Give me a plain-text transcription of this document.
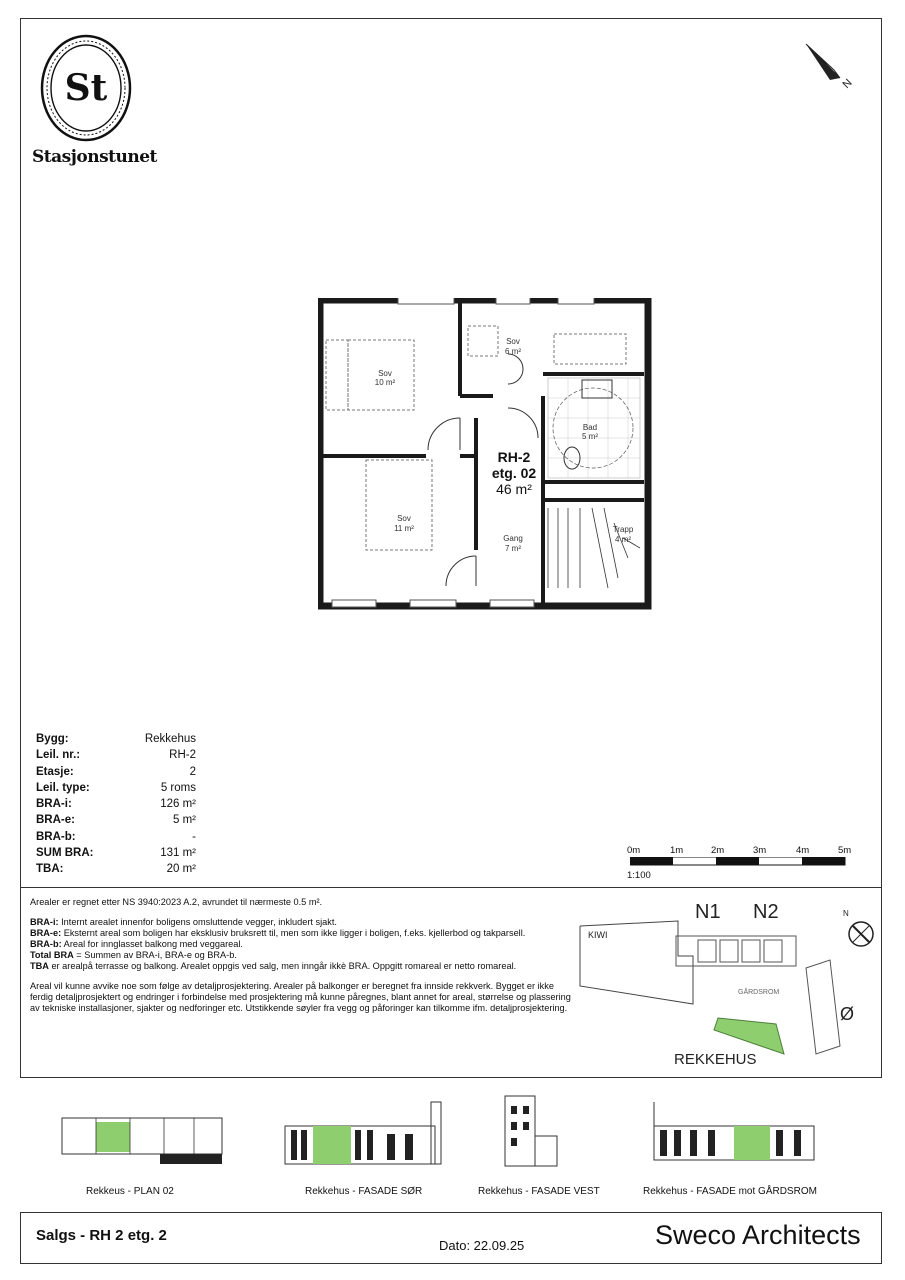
St
Stasjonstunet
N
Sov
10 m²
Sov
6 m²
Bad
5 m²
Sov
11 m²
Gang
7 m²
Trapp
4 m²
RH-2
etg. 02
46 m²
Bygg:	Rekkehus
Leil. nr.:	RH-2
Etasje:	2
Leil. type:	5 roms
BRA-i:	126 m²
BRA-e:	5 m²
BRA-b:	-
SUM BRA:	131 m²
TBA:	20 m²
0m	1m	2m	3m	4m	5m
1:100

Arealer er regnet etter NS 3940:2023 A.2, avrundet til nærmeste 0.5 m².

BRA-i: Internt arealet innenfor boligens omsluttende vegger, inkludert sjakt.

BRA-e: Eksternt areal som boligen har eksklusiv bruksrett til, men som ikke ligger i boligen, f.eks. kjellerbod og takparsell.

BRA-b: Areal for innglasset balkong med veggareal.

Total BRA = Summen av BRA-i, BRA-e og BRA-b.

TBA er arealpå terrasse og balkong. Arealet oppgis ved salg, men inngår ikkè BRA. Oppgitt romareal er netto romareal.

Areal vil kunne avvike noe som følge av detaljprosjektering. Arealer på balkonger er beregnet fra innside rekkverk. Bygget er ikke ferdig detaljprosjektert og endringer i forbindelse med prosjektering må kunne påregnes, blant annet for areal, størrelse og plassering av tekniske installasjoner, sjakter og nedforinger etc. Utstikkende søyler fra vegg og påforinger kan tilkomme ifm. detaljprosjektering.

N1 N2	N
KIWI
GÅRDSROM
Ø
REKKEHUS
Rekkeus - PLAN 02	Rekkehus - FASADE SØR	Rekkehus - FASADE VEST	Rekkehus - FASADE mot GÅRDSROM
Salgs - RH 2 etg. 2
Dato: 22.09.25	Sweco Architects
